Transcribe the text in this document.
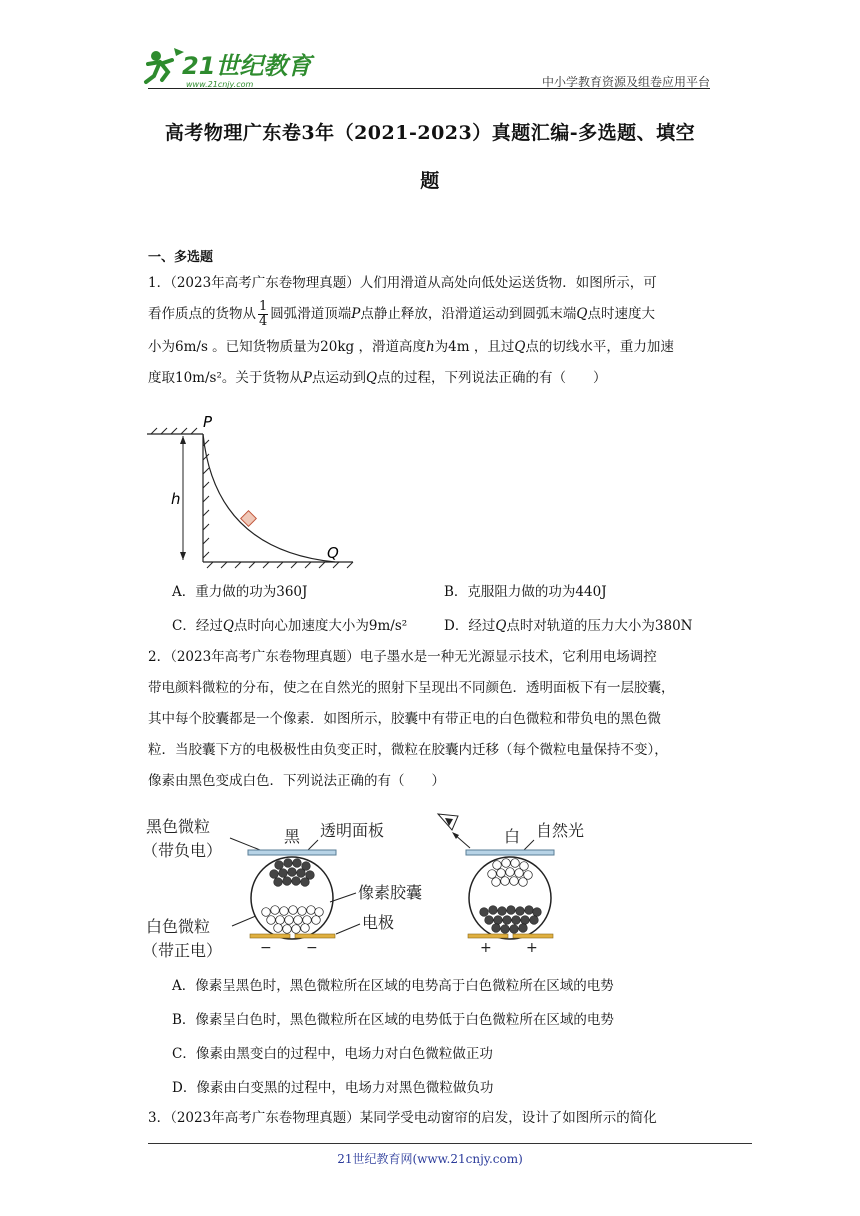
21世纪教育
www.21cnjy.com	中小学教育资源及组卷应用平台
高考物理广东卷3年（2021-2023）真题汇编-多选题、填空
题
一、多选题
1．（2023年高考广东卷物理真题）人们用滑道从高处向低处运送货物．如图所示，可
看作质点的货物从 $\frac{1}{4}$ 圆弧滑道顶端P点静止释放，沿滑道运动到圆弧末端Q点时速度大
小为6m/s 。已知货物质量为20kg ，滑道高度h为4m ，且过Q点的切线水平，重力加速
度取10m/s²。关于货物从P点运动到Q点的过程，下列说法正确的有（　　）
P
h
Q
A．重力做的功为360J	B．克服阻力做的功为440J
C．经过Q点时向心加速度大小为9m/s²	D．经过Q点时对轨道的压力大小为380N
2．（2023年高考广东卷物理真题）电子墨水是一种无光源显示技术，它利用电场调控
带电颜料微粒的分布，使之在自然光的照射下呈现出不同颜色．透明面板下有一层胶囊，
其中每个胶囊都是一个像素．如图所示，胶囊中有带正电的白色微粒和带负电的黑色微
粒．当胶囊下方的电极极性由负变正时，微粒在胶囊内迁移（每个微粒电量保持不变），
像素由黑色变成白色．下列说法正确的有（　　）
黑色微粒
（带负电）
白色微粒
（带正电）
黑 透明面板
− −
像素胶囊
电极
白 自然光
+ +
A．像素呈黑色时，黑色微粒所在区域的电势高于白色微粒所在区域的电势
B．像素呈白色时，黑色微粒所在区域的电势低于白色微粒所在区域的电势
C．像素由黑变白的过程中，电场力对白色微粒做正功
D．像素由白变黑的过程中，电场力对黑色微粒做负功
3．（2023年高考广东卷物理真题）某同学受电动窗帘的启发，设计了如图所示的简化
21世纪教育网(www.21cnjy.com)
